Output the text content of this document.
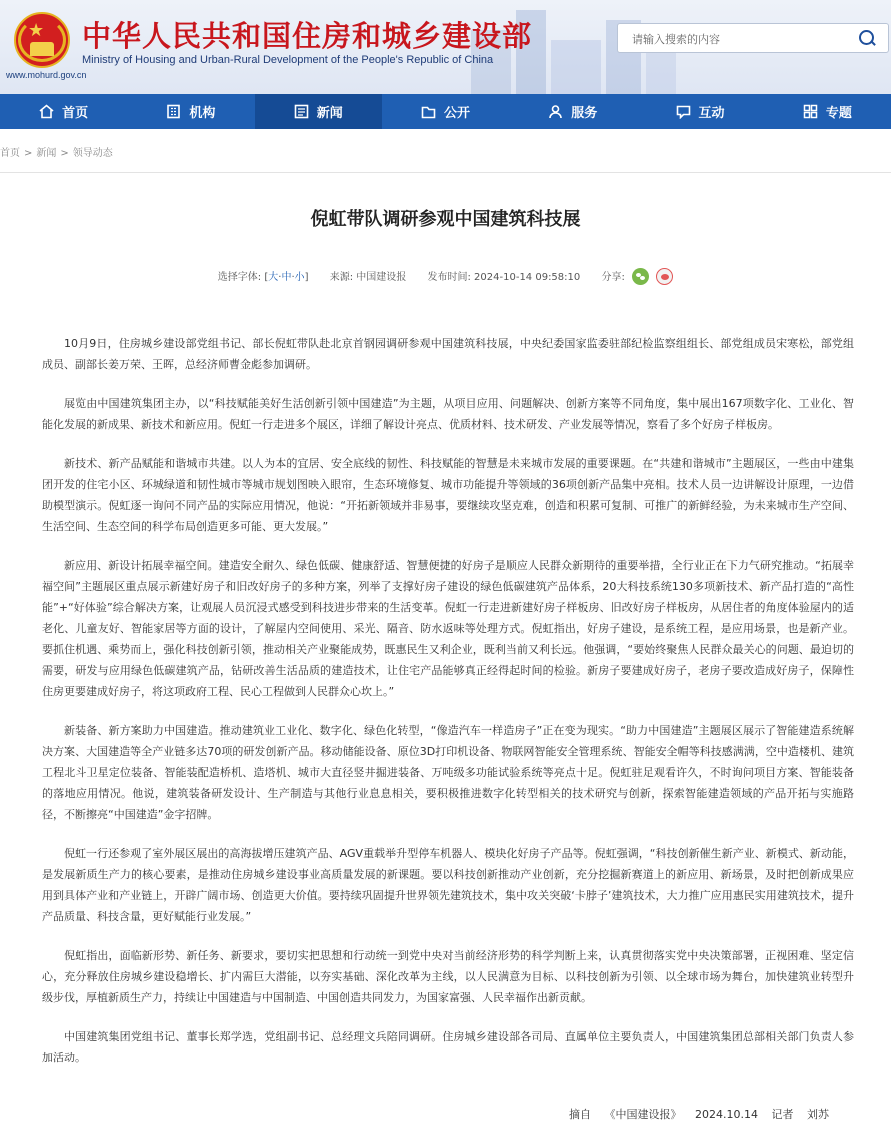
★
www.mohurd.gov.cn
中华人民共和国住房和城乡建设部
Ministry of Housing and Urban-Rural Development of the People's Republic of China
请输入搜索的内容
首页	机构	新闻	公开	服务	互动	专题
首页 > 新闻 > 领导动态
倪虹带队调研参观中国建筑科技展
选择字体: [大·中·小] 来源: 中国建设报 发布时间: 2024-10-14 09:58:10 分享:

10月9日，住房城乡建设部党组书记、部长倪虹带队赴北京首钢园调研参观中国建筑科技展，中央纪委国家监委驻部纪检监察组组长、部党组成员宋寒松，部党组成员、副部长姜万荣、王晖，总经济师曹金彪参加调研。

展览由中国建筑集团主办，以“科技赋能美好生活创新引领中国建造”为主题，从项目应用、问题解决、创新方案等不同角度，集中展出167项数字化、工业化、智能化发展的新成果、新技术和新应用。倪虹一行走进多个展区，详细了解设计亮点、优质材料、技术研发、产业发展等情况，察看了多个好房子样板房。

新技术、新产品赋能和谐城市共建。以人为本的宜居、安全底线的韧性、科技赋能的智慧是未来城市发展的重要课题。在“共建和谐城市”主题展区，一些由中建集团开发的住宅小区、环城绿道和韧性城市等城市规划图映入眼帘，生态环境修复、城市功能提升等领域的36项创新产品集中亮相。技术人员一边讲解设计原理，一边借助模型演示。倪虹逐一询问不同产品的实际应用情况，他说：“开拓新领域并非易事，要继续攻坚克难，创造和积累可复制、可推广的新鲜经验，为未来城市生产空间、生活空间、生态空间的科学布局创造更多可能、更大发展。”

新应用、新设计拓展幸福空间。建造安全耐久、绿色低碳、健康舒适、智慧便捷的好房子是顺应人民群众新期待的重要举措，全行业正在下力气研究推动。“拓展幸福空间”主题展区重点展示新建好房子和旧改好房子的多种方案，列举了支撑好房子建设的绿色低碳建筑产品体系，20大科技系统130多项新技术、新产品打造的“高性能”+“好体验”综合解决方案，让观展人员沉浸式感受到科技进步带来的生活变革。倪虹一行走进新建好房子样板房、旧改好房子样板房，从居住者的角度体验屋内的适老化、儿童友好、智能家居等方面的设计，了解屋内空间使用、采光、隔音、防水返味等处理方式。倪虹指出，好房子建设，是系统工程，是应用场景，也是新产业。要抓住机遇、乘势而上，强化科技创新引领，推动相关产业聚能成势，既惠民生又利企业，既利当前又利长远。他强调，“要始终聚焦人民群众最关心的问题、最迫切的需要，研发与应用绿色低碳建筑产品，钻研改善生活品质的建造技术，让住宅产品能够真正经得起时间的检验。新房子要建成好房子，老房子要改造成好房子，保障性住房更要建成好房子，将这项政府工程、民心工程做到人民群众心坎上。”

新装备、新方案助力中国建造。推动建筑业工业化、数字化、绿色化转型，“像造汽车一样造房子”正在变为现实。“助力中国建造”主题展区展示了智能建造系统解决方案、大国建造等全产业链多达70项的研发创新产品。移动储能设备、原位3D打印机设备、物联网智能安全管理系统、智能安全帽等科技感满满，空中造楼机、建筑工程北斗卫星定位装备、智能装配造桥机、造塔机、城市大直径竖井掘进装备、万吨级多功能试验系统等亮点十足。倪虹驻足观看许久，不时询问项目方案、智能装备的落地应用情况。他说，建筑装备研发设计、生产制造与其他行业息息相关，要积极推进数字化转型相关的技术研究与创新，探索智能建造领域的产品开拓与实施路径，不断擦亮“中国建造”金字招牌。

倪虹一行还参观了室外展区展出的高海拔增压建筑产品、AGV重载举升型停车机器人、模块化好房子产品等。倪虹强调，“科技创新催生新产业、新模式、新动能，是发展新质生产力的核心要素，是推动住房城乡建设事业高质量发展的新课题。要以科技创新推动产业创新，充分挖掘新赛道上的新应用、新场景，及时把创新成果应用到具体产业和产业链上，开辟广阔市场、创造更大价值。要持续巩固提升世界领先建筑技术，集中攻关突破‘卡脖子’建筑技术，大力推广应用惠民实用建筑技术，提升产品质量、科技含量，更好赋能行业发展。”

倪虹指出，面临新形势、新任务、新要求，要切实把思想和行动统一到党中央对当前经济形势的科学判断上来，认真贯彻落实党中央决策部署，正视困难、坚定信心，充分释放住房城乡建设稳增长、扩内需巨大潜能，以夯实基础、深化改革为主线，以人民满意为目标、以科技创新为引领、以全球市场为舞台，加快建筑业转型升级步伐，厚植新质生产力，持续让中国建造与中国制造、中国创造共同发力，为国家富强、人民幸福作出新贡献。

中国建筑集团党组书记、董事长郑学选，党组副书记、总经理文兵陪同调研。住房城乡建设部各司局、直属单位主要负责人，中国建筑集团总部相关部门负责人参加活动。

摘自 《中国建设报》 2024.10.14 记者 刘苏
